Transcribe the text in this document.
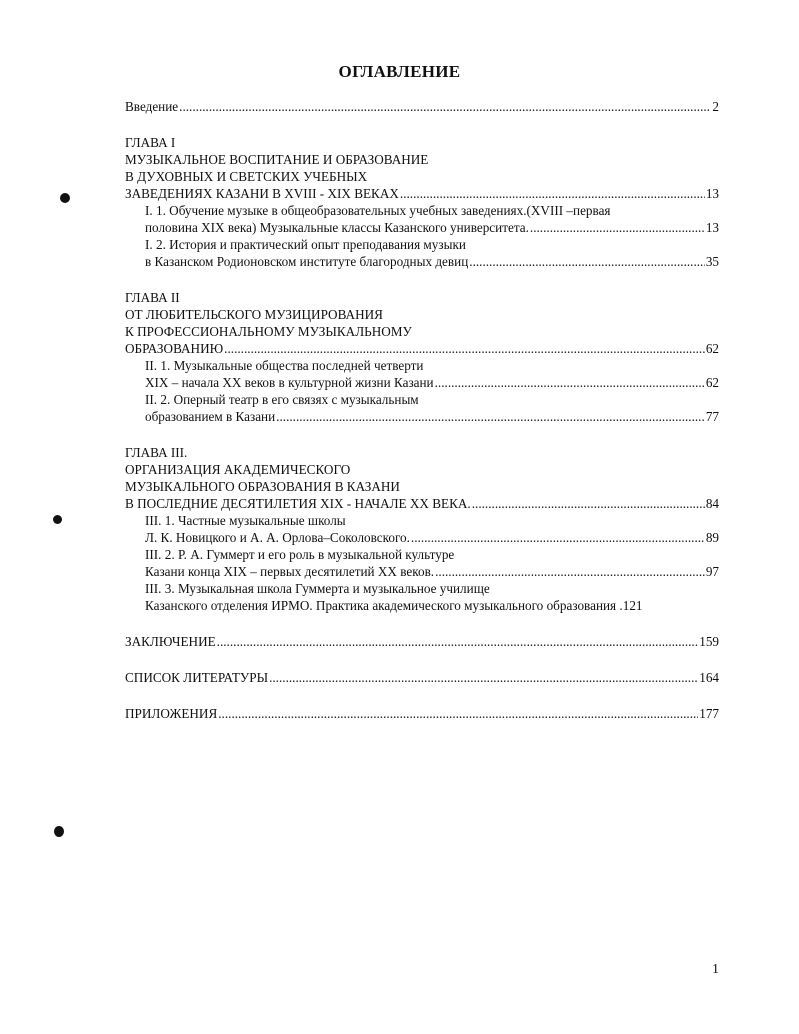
ОГЛАВЛЕНИЕ
Введение .....	2
ГЛАВА I
МУЗЫКАЛЬНОЕ ВОСПИТАНИЕ И ОБРАЗОВАНИЕ
В ДУХОВНЫХ И СВЕТСКИХ УЧЕБНЫХ
ЗАВЕДЕНИЯХ КАЗАНИ В XVIII - XIX ВЕКАХ .....	13
I. 1. Обучение музыке в общеобразовательных учебных заведениях.(XVIII –первая
половина XIX века) Музыкальные классы Казанского университета. .....	13
I. 2. История и практический опыт преподавания музыки
в Казанском Родионовском институте благородных девиц .....	35
ГЛАВА II
ОТ ЛЮБИТЕЛЬСКОГО МУЗИЦИРОВАНИЯ
К ПРОФЕССИОНАЛЬНОМУ МУЗЫКАЛЬНОМУ
ОБРАЗОВАНИЮ .....	62
II. 1. Музыкальные общества последней четверти
XIX – начала XX веков в культурной жизни Казани .....	62
II. 2. Оперный театр в его связях с музыкальным
образованием в Казани .....	77
ГЛАВА III.
ОРГАНИЗАЦИЯ АКАДЕМИЧЕСКОГО
МУЗЫКАЛЬНОГО ОБРАЗОВАНИЯ В КАЗАНИ
В ПОСЛЕДНИЕ ДЕСЯТИЛЕТИЯ XIX - НАЧАЛЕ XX ВЕКА. .....	84
III. 1. Частные музыкальные школы
Л. К. Новицкого и А. А. Орлова–Соколовского. .....	89
III. 2. Р. А. Гуммерт и его роль в музыкальной культуре
Казани конца XIX – первых десятилетий XX веков. .....	97
III. 3. Музыкальная школа Гуммерта и музыкальное училище
Казанского отделения ИРМО. Практика академического музыкального образования .121
ЗАКЛЮЧЕНИЕ .....	159
СПИСОК ЛИТЕРАТУРЫ .....	164
ПРИЛОЖЕНИЯ .....	177
1
